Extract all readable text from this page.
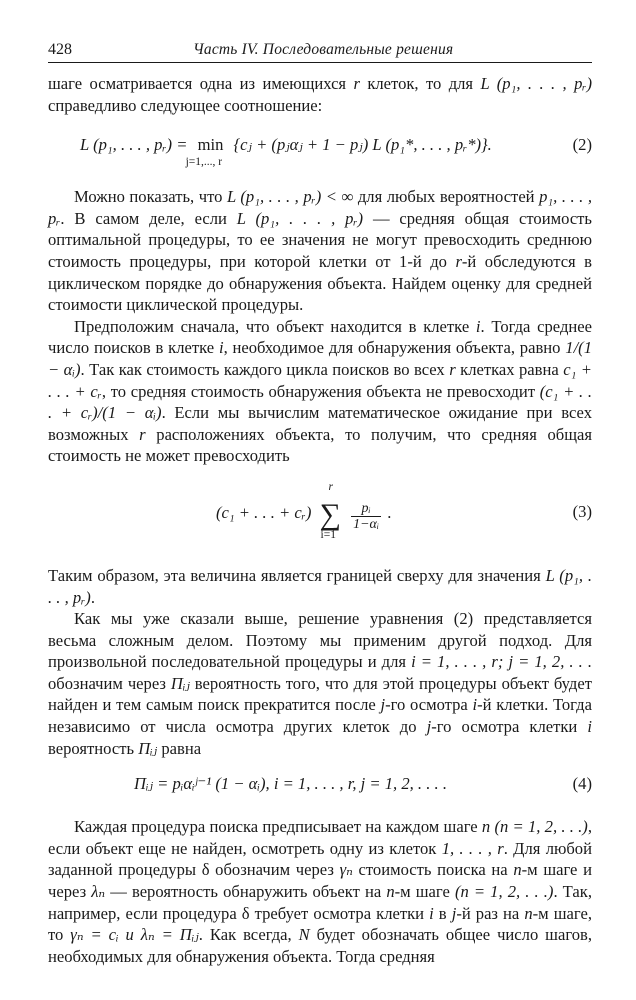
428	Часть IV. Последовательные решения

шаге осматривается одна из имеющихся r клеток, то для L (p₁, . . . , pᵣ) справедливо следующее соотношение:

L (p₁, . . . , pᵣ) = min
j=1,..., r
{cⱼ + (pⱼαⱼ + 1 − pⱼ) L (p₁*, . . . , pᵣ*)}.	(2)

Можно показать, что L (p₁, . . . , pᵣ) < ∞ для любых вероятностей p₁, . . . , pᵣ. В самом деле, если L (p₁, . . . , pᵣ) — средняя общая стоимость оптимальной процедуры, то ее значения не могут превосходить среднюю стоимость процедуры, при которой клетки от 1-й до r-й обследуются в циклическом порядке до обнаружения объекта. Найдем оценку для средней стоимости циклической процедуры.

Предположим сначала, что объект находится в клетке i. Тогда среднее число поисков в клетке i, необходимое для обнаружения объекта, равно 1/(1 − αᵢ). Так как стоимость каждого цикла поисков во всех r клетках равна c₁ + . . . + cᵣ, то средняя стоимость обнаружения объекта не превосходит (c₁ + . . . + cᵣ)/(1 − αᵢ). Если мы вычислим математическое ожидание при всех возможных r расположениях объекта, то получим, что средняя общая стоимость не может превосходить

(c₁ + . . . + cᵣ) ∑
r
i=1

$\frac{\text{pᵢ}}{\text{1−αᵢ}}$ .	(3)

Таким образом, эта величина является границей сверху для значения L (p₁, . . . , pᵣ).

Как мы уже сказали выше, решение уравнения (2) представляется весьма сложным делом. Поэтому мы применим другой подход. Для произвольной последовательной процедуры и для i = 1, . . . , r; j = 1, 2, . . . обозначим через Πᵢⱼ вероятность того, что для этой процедуры объект будет найден и тем самым поиск прекратится после j-го осмотра i-й клетки. Тогда независимо от числа осмотра других клеток до j-го осмотра клетки i вероятность Πᵢⱼ равна

Πᵢⱼ = pᵢαᵢʲ⁻¹ (1 − αᵢ), i = 1, . . . , r, j = 1, 2, . . . .	(4)

Каждая процедура поиска предписывает на каждом шаге n (n = 1, 2, . . .), если объект еще не найден, осмотреть одну из клеток 1, . . . , r. Для любой заданной процедуры δ обозначим через γₙ стоимость поиска на n-м шаге и через λₙ — вероятность обнаружить объект на n-м шаге (n = 1, 2, . . .). Так, например, если процедура δ требует осмотра клетки i в j-й раз на n-м шаге, то γₙ = cᵢ и λₙ = Πᵢⱼ. Как всегда, N будет обозначать общее число шагов, необходимых для обнаружения объекта. Тогда средняя
